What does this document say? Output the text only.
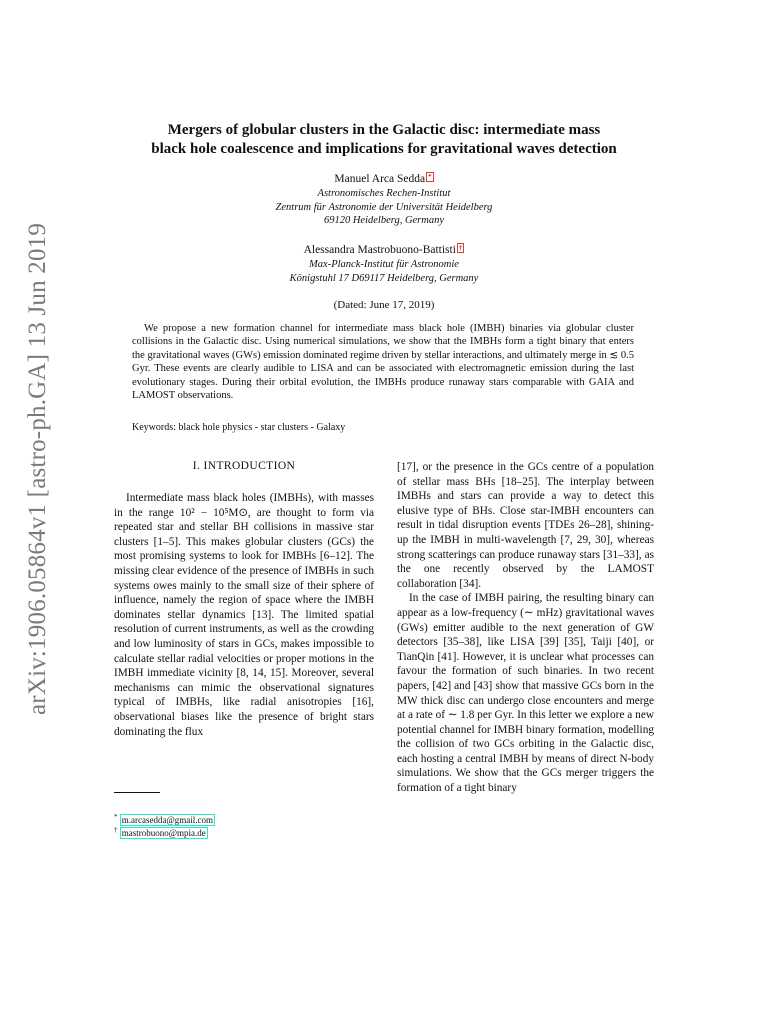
arXiv:1906.05864v1 [astro-ph.GA] 13 Jun 2019
Mergers of globular clusters in the Galactic disc: intermediate mass
black hole coalescence and implications for gravitational waves detection
Manuel Arca Sedda *
Astronomisches Rechen-Institut
Zentrum für Astronomie der Universität Heidelberg
69120 Heidelberg, Germany
Alessandra Mastrobuono-Battisti †
Max-Planck-Institut für Astronomie
Königstuhl 17 D69117 Heidelberg, Germany
(Dated: June 17, 2019)
We propose a new formation channel for intermediate mass black hole (IMBH) binaries via globular cluster collisions in the Galactic disc. Using numerical simulations, we show that the IMBHs form a tight binary that enters the gravitational waves (GWs) emission dominated regime driven by stellar interactions, and ultimately merge in ≲ 0.5 Gyr. These events are clearly audible to LISA and can be associated with electromagnetic emission during the last evolutionary stages. During their orbital evolution, the IMBHs produce runaway stars comparable with GAIA and LAMOST observations.
Keywords: black hole physics - star clusters - Galaxy
I. INTRODUCTION
Intermediate mass black holes (IMBHs), with masses in the range 10² − 10⁵M⊙, are thought to form via repeated star and stellar BH collisions in massive star clusters [1–5]. This makes globular clusters (GCs) the most promising systems to look for IMBHs [6–12]. The missing clear evidence of the presence of IMBHs in such systems owes mainly to the small size of their sphere of influence, namely the region of space where the IMBH dominates stellar dynamics [13]. The limited spatial resolution of current instruments, as well as the crowding and low luminosity of stars in GCs, makes impossible to calculate stellar radial velocities or proper motions in the IMBH immediate vicinity [8, 14, 15]. Moreover, several mechanisms can mimic the observational signatures typical of IMBHs, like radial anisotropies [16], observational biases like the presence of bright stars dominating the flux

[17], or the presence in the GCs centre of a population of stellar mass BHs [18–25]. The interplay between IMBHs and stars can provide a way to detect this elusive type of BHs. Close star-IMBH encounters can result in tidal disruption events [TDEs 26–28], shining-up the IMBH in multi-wavelength [7, 29, 30], whereas strong scatterings can produce runaway stars [31–33], as the one recently observed by the LAMOST collaboration [34].

In the case of IMBH pairing, the resulting binary can appear as a low-frequency (∼ mHz) gravitational waves (GWs) emitter audible to the next generation of GW detectors [35–38], like LISA [39] [35], Taiji [40], or TianQin [41]. However, it is unclear what processes can favour the formation of such binaries. In two recent papers, [42] and [43] show that massive GCs born in the MW thick disc can undergo close encounters and merge at a rate of ∼ 1.8 per Gyr. In this letter we explore a new potential channel for IMBH binary formation, modelling the collision of two GCs orbiting in the Galactic disc, each hosting a central IMBH by means of direct N-body simulations. We show that the GCs merger triggers the formation of a tight binary

* m.arcasedda@gmail.com
† mastrobuono@mpia.de
